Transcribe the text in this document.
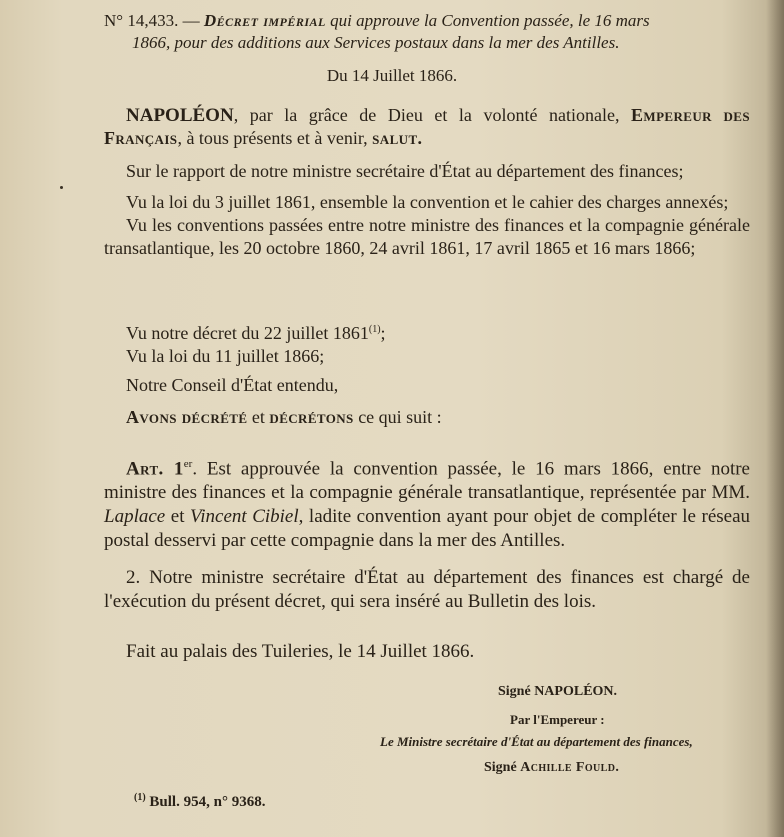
N° 14,433. — Décret impérial qui approuve la Convention passée, le 16 mars
1866, pour des additions aux Services postaux dans la mer des Antilles.
Du 14 Juillet 1866.

NAPOLÉON, par la grâce de Dieu et la volonté nationale, Empereur des Français, à tous présents et à venir, salut.

Sur le rapport de notre ministre secrétaire d'État au département des finances;

Vu la loi du 3 juillet 1861, ensemble la convention et le cahier des charges annexés;

Vu les conventions passées entre notre ministre des finances et la compagnie générale transatlantique, les 20 octobre 1860, 24 avril 1861, 17 avril 1865 et 16 mars 1866;

Vu notre décret du 22 juillet 1861$^{(1)}$;

Vu la loi du 11 juillet 1866;

Notre Conseil d'État entendu,

Avons décrété et décrétons ce qui suit :

Art. 1er. Est approuvée la convention passée, le 16 mars 1866, entre notre ministre des finances et la compagnie générale transatlantique, représentée par MM. Laplace et Vincent Cibiel, ladite convention ayant pour objet de compléter le réseau postal desservi par cette compagnie dans la mer des Antilles.

2. Notre ministre secrétaire d'État au département des finances est chargé de l'exécution du présent décret, qui sera inséré au Bulletin des lois.

Fait au palais des Tuileries, le 14 Juillet 1866.

Signé NAPOLÉON.
Par l'Empereur :
Le Ministre secrétaire d'État au département des finances,
Signé Achille Fould.
$^{(1)}$ Bull. 954, n° 9368.
